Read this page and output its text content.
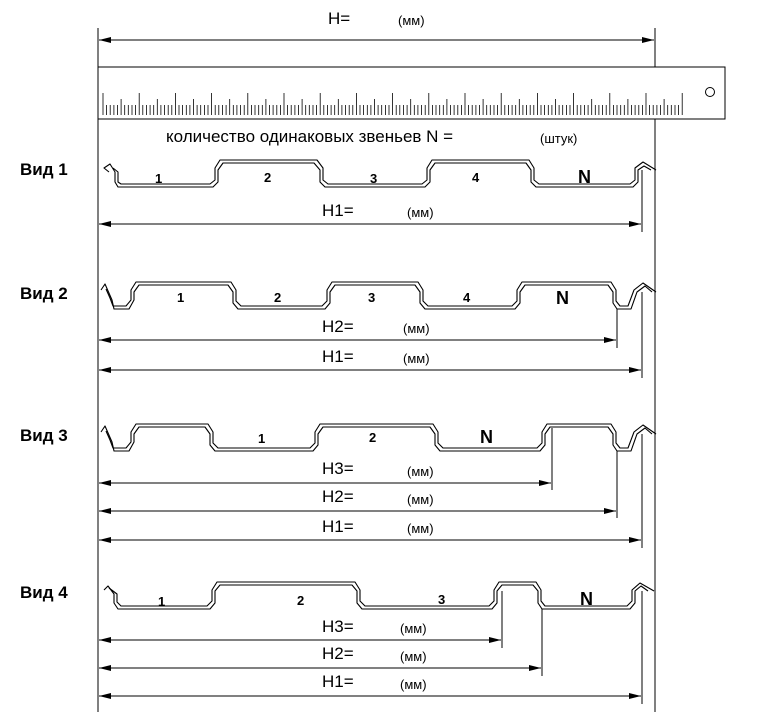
H=	(мм)
количество одинаковых звеньев N =	(штук)
Вид 1	1	2	3	4	N
H1=	(мм)
Вид 2	1	2	3	4	N
H2=	(мм)
H1=	(мм)
Вид 3	1	2	N
H3=	(мм)
H2=	(мм)
H1=	(мм)
Вид 4	1	2	3	N
H3=	(мм)
H2=	(мм)
H1=	(мм)
